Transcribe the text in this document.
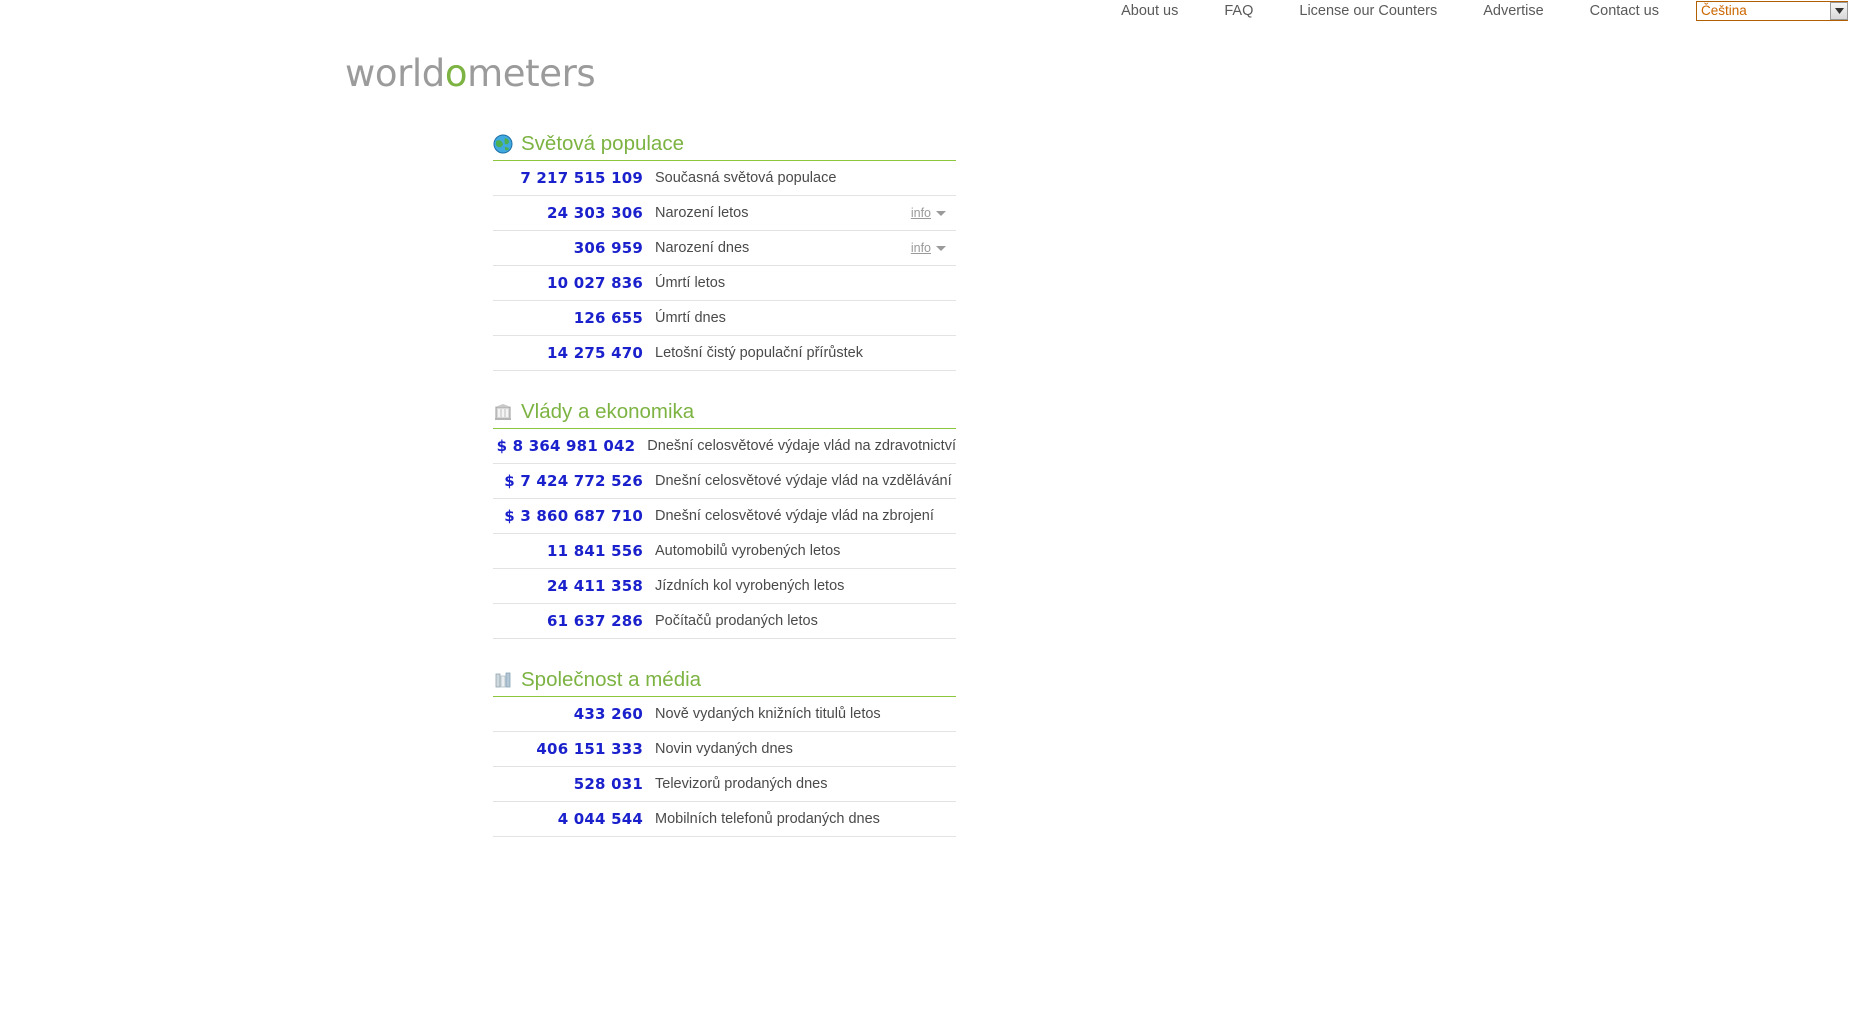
About us	FAQ	License our Counters	Advertise	Contact us	Čeština
worldometers
Světová populace
7 217 515 109 Současná světová populace
24 303 306 Narození letos	info
306 959 Narození dnes	info
10 027 836 Úmrtí letos
126 655 Úmrtí dnes
14 275 470 Letošní čistý populační přírůstek
Vlády a ekonomika
$ 8 364 981 042 Dnešní celosvětové výdaje vlád na zdravotnictví
$ 7 424 772 526 Dnešní celosvětové výdaje vlád na vzdělávání
$ 3 860 687 710 Dnešní celosvětové výdaje vlád na zbrojení
11 841 556 Automobilů vyrobených letos
24 411 358 Jízdních kol vyrobených letos
61 637 286 Počítačů prodaných letos
Společnost a média
433 260 Nově vydaných knižních titulů letos
406 151 333 Novin vydaných dnes
528 031 Televizorů prodaných dnes
4 044 544 Mobilních telefonů prodaných dnes
